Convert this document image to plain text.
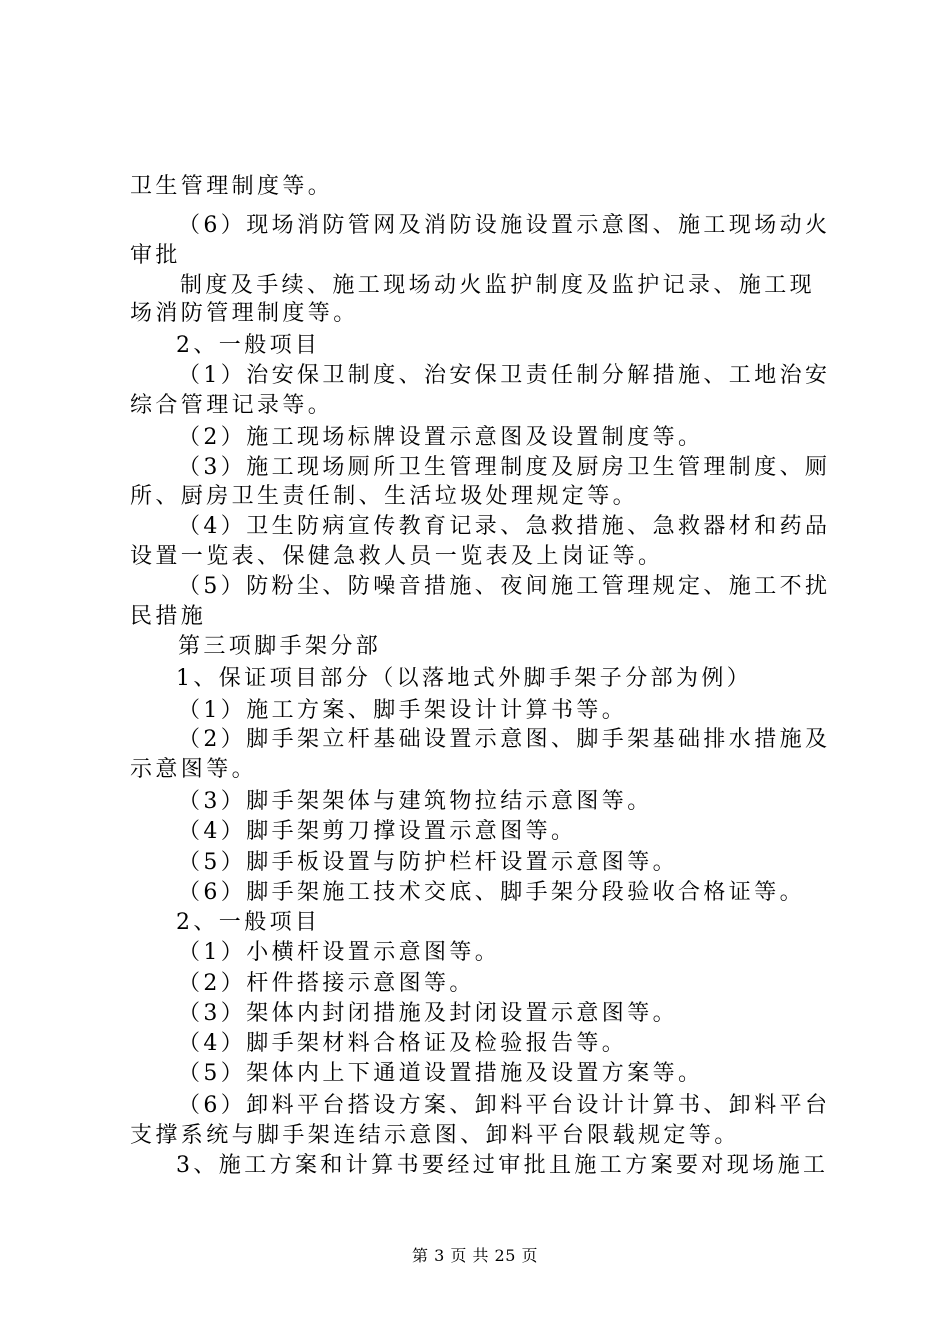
卫生管理制度等。
（6）现场消防管网及消防设施设置示意图、施工现场动火
审批
制度及手续、施工现场动火监护制度及监护记录、施工现
场消防管理制度等。
2、一般项目
（1）治安保卫制度、治安保卫责任制分解措施、工地治安
综合管理记录等。
（2）施工现场标牌设置示意图及设置制度等。
（3）施工现场厕所卫生管理制度及厨房卫生管理制度、厕
所、厨房卫生责任制、生活垃圾处理规定等。
（4）卫生防病宣传教育记录、急救措施、急救器材和药品
设置一览表、保健急救人员一览表及上岗证等。
（5）防粉尘、防噪音措施、夜间施工管理规定、施工不扰
民措施
第三项脚手架分部
1、保证项目部分（以落地式外脚手架子分部为例）
（1）施工方案、脚手架设计计算书等。
（2）脚手架立杆基础设置示意图、脚手架基础排水措施及
示意图等。
（3）脚手架架体与建筑物拉结示意图等。
（4）脚手架剪刀撑设置示意图等。
（5）脚手板设置与防护栏杆设置示意图等。
（6）脚手架施工技术交底、脚手架分段验收合格证等。
2、一般项目
（1）小横杆设置示意图等。
（2）杆件搭接示意图等。
（3）架体内封闭措施及封闭设置示意图等。
（4）脚手架材料合格证及检验报告等。
（5）架体内上下通道设置措施及设置方案等。
（6）卸料平台搭设方案、卸料平台设计计算书、卸料平台
支撑系统与脚手架连结示意图、卸料平台限载规定等。
3、施工方案和计算书要经过审批且施工方案要对现场施工
第 3 页 共 25 页
